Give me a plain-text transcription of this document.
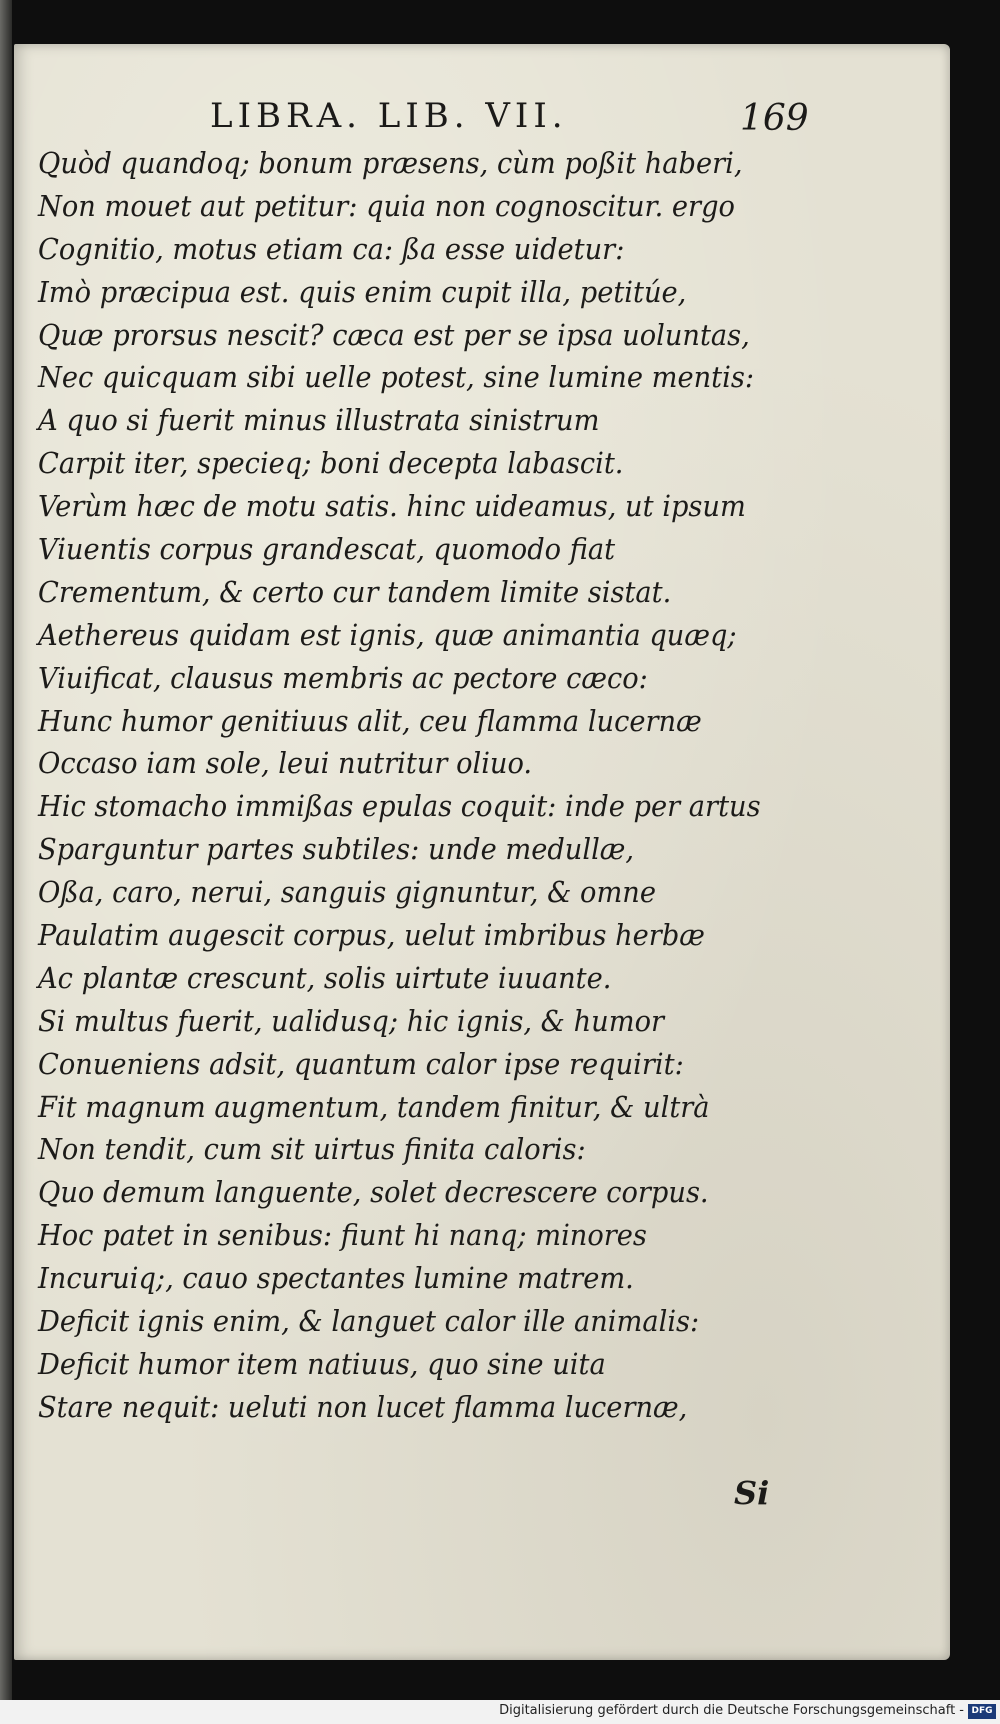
LIBRA. LIB. VII.	169
Quòd quandoq; bonum præsens, cùm poßit haberi,
Non mouet aut petitur: quia non cognoscitur. ergo
Cognitio, motus etiam ca: ßa esse uidetur:
Imò præcipua est. quis enim cupit illa, petitúe,
Quæ prorsus nescit? cæca est per se ipsa uoluntas,
Nec quicquam sibi uelle potest, sine lumine mentis:
A quo si fuerit minus illustrata sinistrum
Carpit iter, specieq; boni decepta labascit.
Verùm hæc de motu satis. hinc uideamus, ut ipsum
Viuentis corpus grandescat, quomodo fiat
Crementum, & certo cur tandem limite sistat.
Aethereus quidam est ignis, quæ animantia quæq;
Viuificat, clausus membris ac pectore cæco:
Hunc humor genitiuus alit, ceu flamma lucernæ
Occaso iam sole, leui nutritur oliuo.
Hic stomacho immißas epulas coquit: inde per artus
Sparguntur partes subtiles: unde medullæ,
Oßa, caro, nerui, sanguis gignuntur, & omne
Paulatim augescit corpus, uelut imbribus herbæ
Ac plantæ crescunt, solis uirtute iuuante.
Si multus fuerit, ualidusq; hic ignis, & humor
Conueniens adsit, quantum calor ipse requirit:
Fit magnum augmentum, tandem finitur, & ultrà
Non tendit, cum sit uirtus finita caloris:
Quo demum languente, solet decrescere corpus.
Hoc patet in senibus: fiunt hi nanq; minores
Incuruiq;, cauo spectantes lumine matrem.
Deficit ignis enim, & languet calor ille animalis:
Deficit humor item natiuus, quo sine uita
Stare nequit: ueluti non lucet flamma lucernæ,
Si
Digitalisierung gefördert durch die Deutsche Forschungsgemeinschaft - DFG
